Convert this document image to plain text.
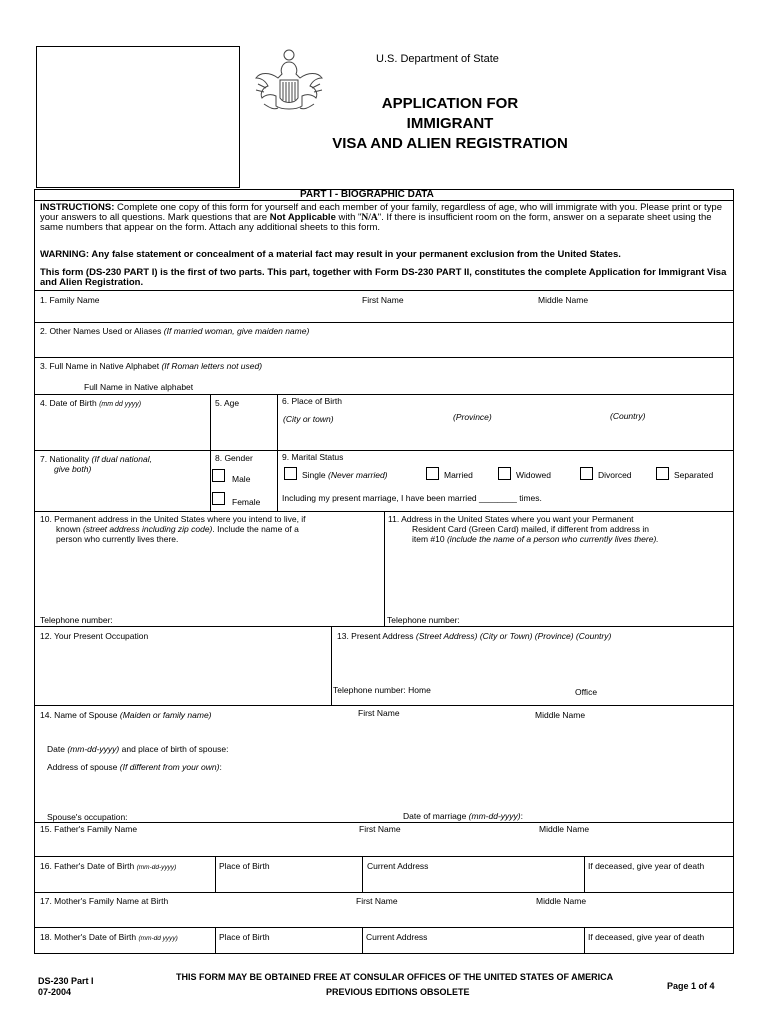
U.S. Department of State
APPLICATION FOR
IMMIGRANT
VISA AND ALIEN REGISTRATION
PART I - BIOGRAPHIC DATA
INSTRUCTIONS: Complete one copy of this form for yourself and each member of your family, regardless of age, who will immigrate with you. Please print or type your answers to all questions. Mark questions that are Not Applicable with "N/A". If there is insufficient room on the form, answer on a separate sheet using the same numbers that appear on the form. Attach any additional sheets to this form.
WARNING: Any false statement or concealment of a material fact may result in your permanent exclusion from the United States.
This form (DS-230 PART I) is the first of two parts. This part, together with Form DS-230 PART II, constitutes the complete Application for Immigrant Visa and Alien Registration.
1. Family Name	First Name	Middle Name
2. Other Names Used or Aliases (If married woman, give maiden name)
3. Full Name in Native Alphabet (If Roman letters not used)
Full Name in Native alphabet
4. Date of Birth (mm dd yyyy)	5. Age	6. Place of Birth
(City or town)	(Province)	(Country)
7. Nationality (If dual national,
give both)
8. Gender
Male
Female
9. Marital Status
Single (Never married)	Married	Widowed	Divorced	Separated
Including my present marriage, I have been married ________ times.
10. Permanent address in the United States where you intend to live, if
known (street address including zip code). Include the name of a
person who currently lives there.
Telephone number:
11. Address in the United States where you want your Permanent
Resident Card (Green Card) mailed, if different from address in
item #10 (include the name of a person who currently lives there).
Telephone number:
12. Your Present Occupation	13. Present Address (Street Address) (City or Town) (Province) (Country)
Telephone number: Home	Office
14. Name of Spouse (Maiden or family name)	First Name	Middle Name
Date (mm-dd-yyyy) and place of birth of spouse:
Address of spouse (If different from your own):
Spouse's occupation:	Date of marriage (mm-dd-yyyy):
15. Father's Family Name	First Name	Middle Name
16. Father's Date of Birth (mm-dd-yyyy)	Place of Birth	Current Address	If deceased, give year of death
17. Mother's Family Name at Birth	First Name	Middle Name
18. Mother's Date of Birth (mm-dd yyyy)	Place of Birth	Current Address	If deceased, give year of death
DS-230 Part I
07-2004
THIS FORM MAY BE OBTAINED FREE AT CONSULAR OFFICES OF THE UNITED STATES OF AMERICA
PREVIOUS EDITIONS OBSOLETE
Page 1 of 4
